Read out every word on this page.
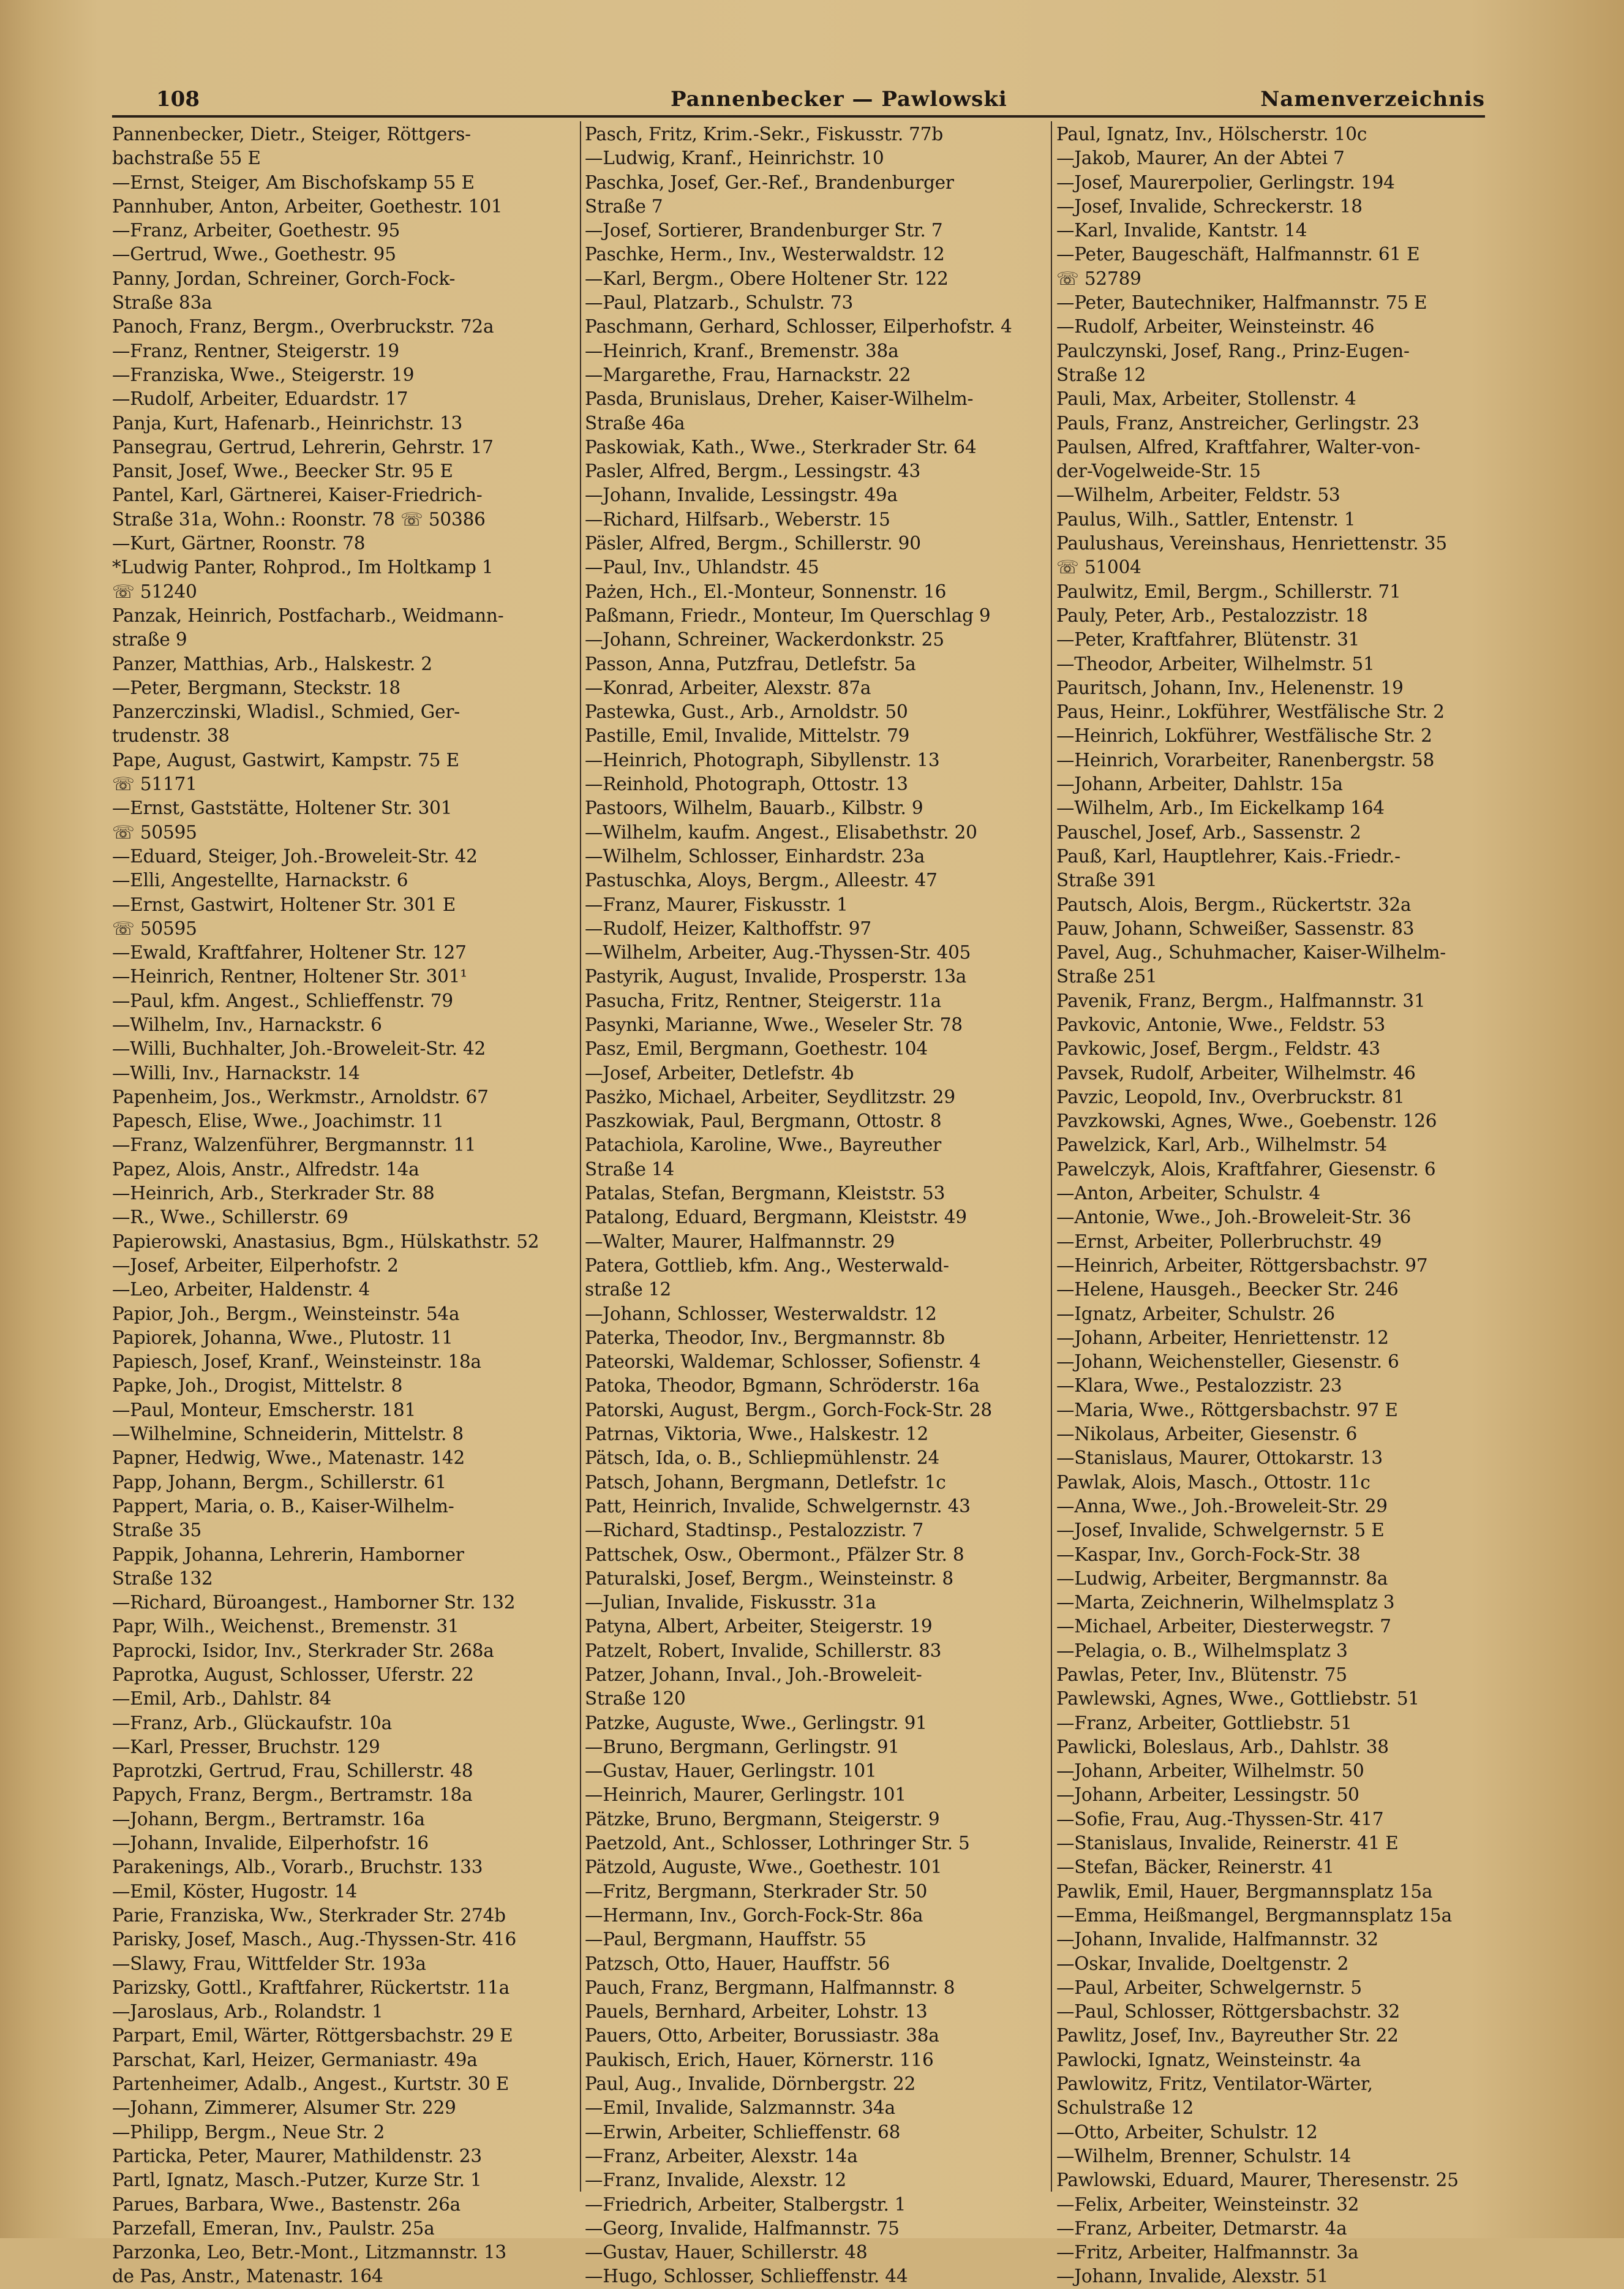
108	Pannenbecker — Pawlowski	Namenverzeichnis
Pannenbecker, Dietr., Steiger, Röttgers-
bachstraße 55 E
—Ernst, Steiger, Am Bischofskamp 55 E
Pannhuber, Anton, Arbeiter, Goethestr. 101
—Franz, Arbeiter, Goethestr. 95
—Gertrud, Wwe., Goethestr. 95
Panny, Jordan, Schreiner, Gorch-Fock-
Straße 83a
Panoch, Franz, Bergm., Overbruckstr. 72a
—Franz, Rentner, Steigerstr. 19
—Franziska, Wwe., Steigerstr. 19
—Rudolf, Arbeiter, Eduardstr. 17
Panja, Kurt, Hafenarb., Heinrichstr. 13
Pansegrau, Gertrud, Lehrerin, Gehrstr. 17
Pansit, Josef, Wwe., Beecker Str. 95 E
Pantel, Karl, Gärtnerei, Kaiser-Friedrich-
Straße 31a, Wohn.: Roonstr. 78 ☏ 50386
—Kurt, Gärtner, Roonstr. 78
*Ludwig Panter, Rohprod., Im Holtkamp 1
☏ 51240
Panzak, Heinrich, Postfacharb., Weidmann-
straße 9
Panzer, Matthias, Arb., Halskestr. 2
—Peter, Bergmann, Steckstr. 18
Panzerczinski, Wladisl., Schmied, Ger-
trudenstr. 38
Pape, August, Gastwirt, Kampstr. 75 E
☏ 51171
—Ernst, Gaststätte, Holtener Str. 301
☏ 50595
—Eduard, Steiger, Joh.-Broweleit-Str. 42
—Elli, Angestellte, Harnackstr. 6
—Ernst, Gastwirt, Holtener Str. 301 E
☏ 50595
—Ewald, Kraftfahrer, Holtener Str. 127
—Heinrich, Rentner, Holtener Str. 301¹
—Paul, kfm. Angest., Schlieffenstr. 79
—Wilhelm, Inv., Harnackstr. 6
—Willi, Buchhalter, Joh.-Broweleit-Str. 42
—Willi, Inv., Harnackstr. 14
Papenheim, Jos., Werkmstr., Arnoldstr. 67
Papesch, Elise, Wwe., Joachimstr. 11
—Franz, Walzenführer, Bergmannstr. 11
Papez, Alois, Anstr., Alfredstr. 14a
—Heinrich, Arb., Sterkrader Str. 88
—R., Wwe., Schillerstr. 69
Papierowski, Anastasius, Bgm., Hülskathstr. 52
—Josef, Arbeiter, Eilperhofstr. 2
—Leo, Arbeiter, Haldenstr. 4
Papior, Joh., Bergm., Weinsteinstr. 54a
Papiorek, Johanna, Wwe., Plutostr. 11
Papiesch, Josef, Kranf., Weinsteinstr. 18a
Papke, Joh., Drogist, Mittelstr. 8
—Paul, Monteur, Emscherstr. 181
—Wilhelmine, Schneiderin, Mittelstr. 8
Papner, Hedwig, Wwe., Matenastr. 142
Papp, Johann, Bergm., Schillerstr. 61
Pappert, Maria, o. B., Kaiser-Wilhelm-
Straße 35
Pappik, Johanna, Lehrerin, Hamborner
Straße 132
—Richard, Büroangest., Hamborner Str. 132
Papr, Wilh., Weichenst., Bremenstr. 31
Paprocki, Isidor, Inv., Sterkrader Str. 268a
Paprotka, August, Schlosser, Uferstr. 22
—Emil, Arb., Dahlstr. 84
—Franz, Arb., Glückaufstr. 10a
—Karl, Presser, Bruchstr. 129
Paprotzki, Gertrud, Frau, Schillerstr. 48
Papych, Franz, Bergm., Bertramstr. 18a
—Johann, Bergm., Bertramstr. 16a
—Johann, Invalide, Eilperhofstr. 16
Parakenings, Alb., Vorarb., Bruchstr. 133
—Emil, Köster, Hugostr. 14
Parie, Franziska, Ww., Sterkrader Str. 274b
Parisky, Josef, Masch., Aug.-Thyssen-Str. 416
—Slawy, Frau, Wittfelder Str. 193a
Parizsky, Gottl., Kraftfahrer, Rückertstr. 11a
—Jaroslaus, Arb., Rolandstr. 1
Parpart, Emil, Wärter, Röttgersbachstr. 29 E
Parschat, Karl, Heizer, Germaniastr. 49a
Partenheimer, Adalb., Angest., Kurtstr. 30 E
—Johann, Zimmerer, Alsumer Str. 229
—Philipp, Bergm., Neue Str. 2
Particka, Peter, Maurer, Mathildenstr. 23
Partl, Ignatz, Masch.-Putzer, Kurze Str. 1
Parues, Barbara, Wwe., Bastenstr. 26a
Parzefall, Emeran, Inv., Paulstr. 25a
Parzonka, Leo, Betr.-Mont., Litzmannstr. 13
de Pas, Anstr., Matenastr. 164
Pasch, Fritz, Krim.-Sekr., Fiskusstr. 77b
—Ludwig, Kranf., Heinrichstr. 10
Paschka, Josef, Ger.-Ref., Brandenburger
Straße 7
—Josef, Sortierer, Brandenburger Str. 7
Paschke, Herm., Inv., Westerwaldstr. 12
—Karl, Bergm., Obere Holtener Str. 122
—Paul, Platzarb., Schulstr. 73
Paschmann, Gerhard, Schlosser, Eilperhofstr. 4
—Heinrich, Kranf., Bremenstr. 38a
—Margarethe, Frau, Harnackstr. 22
Pasda, Brunislaus, Dreher, Kaiser-Wilhelm-
Straße 46a
Paskowiak, Kath., Wwe., Sterkrader Str. 64
Pasler, Alfred, Bergm., Lessingstr. 43
—Johann, Invalide, Lessingstr. 49a
—Richard, Hilfsarb., Weberstr. 15
Päsler, Alfred, Bergm., Schillerstr. 90
—Paul, Inv., Uhlandstr. 45
Pażen, Hch., El.-Monteur, Sonnenstr. 16
Paßmann, Friedr., Monteur, Im Querschlag 9
—Johann, Schreiner, Wackerdonkstr. 25
Passon, Anna, Putzfrau, Detlefstr. 5a
—Konrad, Arbeiter, Alexstr. 87a
Pastewka, Gust., Arb., Arnoldstr. 50
Pastille, Emil, Invalide, Mittelstr. 79
—Heinrich, Photograph, Sibyllenstr. 13
—Reinhold, Photograph, Ottostr. 13
Pastoors, Wilhelm, Bauarb., Kilbstr. 9
—Wilhelm, kaufm. Angest., Elisabethstr. 20
—Wilhelm, Schlosser, Einhardstr. 23a
Pastuschka, Aloys, Bergm., Alleestr. 47
—Franz, Maurer, Fiskusstr. 1
—Rudolf, Heizer, Kalthoffstr. 97
—Wilhelm, Arbeiter, Aug.-Thyssen-Str. 405
Pastyrik, August, Invalide, Prosperstr. 13a
Pasucha, Fritz, Rentner, Steigerstr. 11a
Pasynki, Marianne, Wwe., Weseler Str. 78
Pasz, Emil, Bergmann, Goethestr. 104
—Josef, Arbeiter, Detlefstr. 4b
Pasżko, Michael, Arbeiter, Seydlitzstr. 29
Paszkowiak, Paul, Bergmann, Ottostr. 8
Patachiola, Karoline, Wwe., Bayreuther
Straße 14
Patalas, Stefan, Bergmann, Kleiststr. 53
Patalong, Eduard, Bergmann, Kleiststr. 49
—Walter, Maurer, Halfmannstr. 29
Patera, Gottlieb, kfm. Ang., Westerwald-
straße 12
—Johann, Schlosser, Westerwaldstr. 12
Paterka, Theodor, Inv., Bergmannstr. 8b
Pateorski, Waldemar, Schlosser, Sofienstr. 4
Patoka, Theodor, Bgmann, Schröderstr. 16a
Patorski, August, Bergm., Gorch-Fock-Str. 28
Patrnas, Viktoria, Wwe., Halskestr. 12
Pätsch, Ida, o. B., Schliepmühlenstr. 24
Patsch, Johann, Bergmann, Detlefstr. 1c
Patt, Heinrich, Invalide, Schwelgernstr. 43
—Richard, Stadtinsp., Pestalozzistr. 7
Pattschek, Osw., Obermont., Pfälzer Str. 8
Paturalski, Josef, Bergm., Weinsteinstr. 8
—Julian, Invalide, Fiskusstr. 31a
Patyna, Albert, Arbeiter, Steigerstr. 19
Patzelt, Robert, Invalide, Schillerstr. 83
Patzer, Johann, Inval., Joh.-Broweleit-
Straße 120
Patzke, Auguste, Wwe., Gerlingstr. 91
—Bruno, Bergmann, Gerlingstr. 91
—Gustav, Hauer, Gerlingstr. 101
—Heinrich, Maurer, Gerlingstr. 101
Pätzke, Bruno, Bergmann, Steigerstr. 9
Paetzold, Ant., Schlosser, Lothringer Str. 5
Pätzold, Auguste, Wwe., Goethestr. 101
—Fritz, Bergmann, Sterkrader Str. 50
—Hermann, Inv., Gorch-Fock-Str. 86a
—Paul, Bergmann, Hauffstr. 55
Patzsch, Otto, Hauer, Hauffstr. 56
Pauch, Franz, Bergmann, Halfmannstr. 8
Pauels, Bernhard, Arbeiter, Lohstr. 13
Pauers, Otto, Arbeiter, Borussiastr. 38a
Paukisch, Erich, Hauer, Körnerstr. 116
Paul, Aug., Invalide, Dörnbergstr. 22
—Emil, Invalide, Salzmannstr. 34a
—Erwin, Arbeiter, Schlieffenstr. 68
—Franz, Arbeiter, Alexstr. 14a
—Franz, Invalide, Alexstr. 12
—Friedrich, Arbeiter, Stalbergstr. 1
—Georg, Invalide, Halfmannstr. 75
—Gustav, Hauer, Schillerstr. 48
—Hugo, Schlosser, Schlieffenstr. 44
Paul, Ignatz, Inv., Hölscherstr. 10c
—Jakob, Maurer, An der Abtei 7
—Josef, Maurerpolier, Gerlingstr. 194
—Josef, Invalide, Schreckerstr. 18
—Karl, Invalide, Kantstr. 14
—Peter, Baugeschäft, Halfmannstr. 61 E
☏ 52789
—Peter, Bautechniker, Halfmannstr. 75 E
—Rudolf, Arbeiter, Weinsteinstr. 46
Paulczynski, Josef, Rang., Prinz-Eugen-
Straße 12
Pauli, Max, Arbeiter, Stollenstr. 4
Pauls, Franz, Anstreicher, Gerlingstr. 23
Paulsen, Alfred, Kraftfahrer, Walter-von-
der-Vogelweide-Str. 15
—Wilhelm, Arbeiter, Feldstr. 53
Paulus, Wilh., Sattler, Entenstr. 1
Paulushaus, Vereinshaus, Henriettenstr. 35
☏ 51004
Paulwitz, Emil, Bergm., Schillerstr. 71
Pauly, Peter, Arb., Pestalozzistr. 18
—Peter, Kraftfahrer, Blütenstr. 31
—Theodor, Arbeiter, Wilhelmstr. 51
Pauritsch, Johann, Inv., Helenenstr. 19
Paus, Heinr., Lokführer, Westfälische Str. 2
—Heinrich, Lokführer, Westfälische Str. 2
—Heinrich, Vorarbeiter, Ranenbergstr. 58
—Johann, Arbeiter, Dahlstr. 15a
—Wilhelm, Arb., Im Eickelkamp 164
Pauschel, Josef, Arb., Sassenstr. 2
Pauß, Karl, Hauptlehrer, Kais.-Friedr.-
Straße 391
Pautsch, Alois, Bergm., Rückertstr. 32a
Pauw, Johann, Schweißer, Sassenstr. 83
Pavel, Aug., Schuhmacher, Kaiser-Wilhelm-
Straße 251
Pavenik, Franz, Bergm., Halfmannstr. 31
Pavkovic, Antonie, Wwe., Feldstr. 53
Pavkowic, Josef, Bergm., Feldstr. 43
Pavsek, Rudolf, Arbeiter, Wilhelmstr. 46
Pavzic, Leopold, Inv., Overbruckstr. 81
Pavzkowski, Agnes, Wwe., Goebenstr. 126
Pawelzick, Karl, Arb., Wilhelmstr. 54
Pawelczyk, Alois, Kraftfahrer, Giesenstr. 6
—Anton, Arbeiter, Schulstr. 4
—Antonie, Wwe., Joh.-Broweleit-Str. 36
—Ernst, Arbeiter, Pollerbruchstr. 49
—Heinrich, Arbeiter, Röttgersbachstr. 97
—Helene, Hausgeh., Beecker Str. 246
—Ignatz, Arbeiter, Schulstr. 26
—Johann, Arbeiter, Henriettenstr. 12
—Johann, Weichensteller, Giesenstr. 6
—Klara, Wwe., Pestalozzistr. 23
—Maria, Wwe., Röttgersbachstr. 97 E
—Nikolaus, Arbeiter, Giesenstr. 6
—Stanislaus, Maurer, Ottokarstr. 13
Pawlak, Alois, Masch., Ottostr. 11c
—Anna, Wwe., Joh.-Broweleit-Str. 29
—Josef, Invalide, Schwelgernstr. 5 E
—Kaspar, Inv., Gorch-Fock-Str. 38
—Ludwig, Arbeiter, Bergmannstr. 8a
—Marta, Zeichnerin, Wilhelmsplatz 3
—Michael, Arbeiter, Diesterwegstr. 7
—Pelagia, o. B., Wilhelmsplatz 3
Pawlas, Peter, Inv., Blütenstr. 75
Pawlewski, Agnes, Wwe., Gottliebstr. 51
—Franz, Arbeiter, Gottliebstr. 51
Pawlicki, Boleslaus, Arb., Dahlstr. 38
—Johann, Arbeiter, Wilhelmstr. 50
—Johann, Arbeiter, Lessingstr. 50
—Sofie, Frau, Aug.-Thyssen-Str. 417
—Stanislaus, Invalide, Reinerstr. 41 E
—Stefan, Bäcker, Reinerstr. 41
Pawlik, Emil, Hauer, Bergmannsplatz 15a
—Emma, Heißmangel, Bergmannsplatz 15a
—Johann, Invalide, Halfmannstr. 32
—Oskar, Invalide, Doeltgenstr. 2
—Paul, Arbeiter, Schwelgernstr. 5
—Paul, Schlosser, Röttgersbachstr. 32
Pawlitz, Josef, Inv., Bayreuther Str. 22
Pawlocki, Ignatz, Weinsteinstr. 4a
Pawlowitz, Fritz, Ventilator-Wärter,
Schulstraße 12
—Otto, Arbeiter, Schulstr. 12
—Wilhelm, Brenner, Schulstr. 14
Pawlowski, Eduard, Maurer, Theresenstr. 25
—Felix, Arbeiter, Weinsteinstr. 32
—Franz, Arbeiter, Detmarstr. 4a
—Fritz, Arbeiter, Halfmannstr. 3a
—Johann, Invalide, Alexstr. 51
